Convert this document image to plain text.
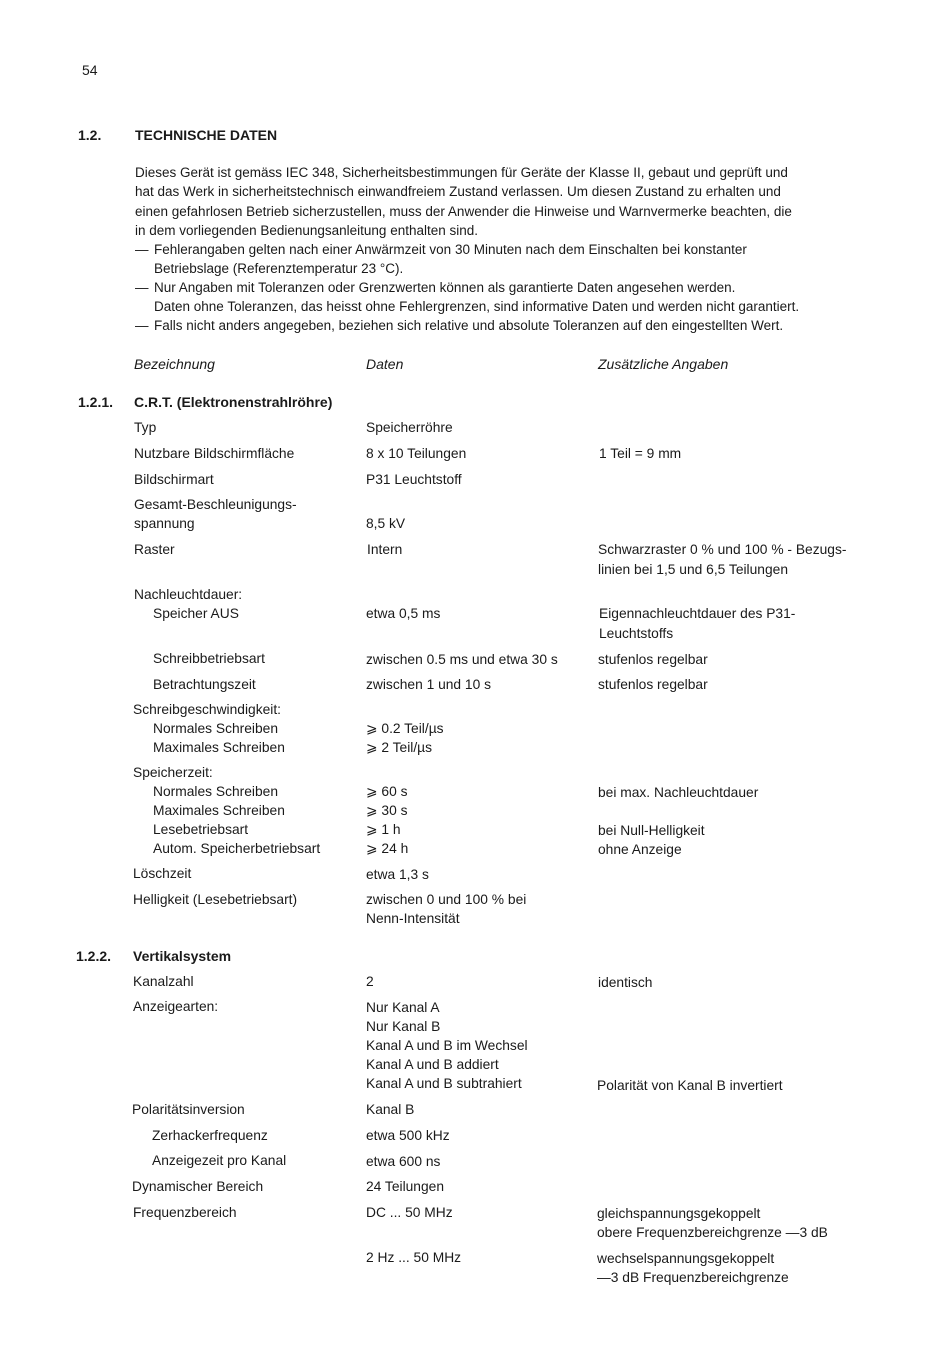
54
1.2. TECHNISCHE DATEN
Dieses Gerät ist gemäss IEC 348, Sicherheitsbestimmungen für Geräte der Klasse II, gebaut und geprüft und
hat das Werk in sicherheitstechnisch einwandfreiem Zustand verlassen. Um diesen Zustand zu erhalten und
einen gefahrlosen Betrieb sicherzustellen, muss der Anwender die Hinweise und Warnvermerke beachten, die
in dem vorliegenden Bedienungsanleitung enthalten sind.
— Fehlerangaben gelten nach einer Anwärmzeit von 30 Minuten nach dem Einschalten bei konstanter
Betriebslage (Referenztemperatur 23 °C).
— Nur Angaben mit Toleranzen oder Grenzwerten können als garantierte Daten angesehen werden.
Daten ohne Toleranzen, das heisst ohne Fehlergrenzen, sind informative Daten und werden nicht garantiert.
— Falls nicht anders angegeben, beziehen sich relative und absolute Toleranzen auf den eingestellten Wert.
Bezeichnung	Daten	Zusätzliche Angaben
1.2.1. C.R.T. (Elektronenstrahlröhre)
Typ	Speicherröhre
Nutzbare Bildschirmfläche	8 x 10 Teilungen	1 Teil = 9 mm
Bildschirmart	P31 Leuchtstoff
Gesamt-Beschleunigungs-
spannung	8,5 kV
Raster	Intern	Schwarzraster 0 % und 100 % - Bezugs-
linien bei 1,5 und 6,5 Teilungen
Nachleuchtdauer:
Speicher AUS	etwa 0,5 ms	Eigennachleuchtdauer des P31-
Leuchtstoffs
Schreibbetriebsart	zwischen 0.5 ms und etwa 30 s	stufenlos regelbar
Betrachtungszeit	zwischen 1 und 10 s	stufenlos regelbar
Schreibgeschwindigkeit:
Normales Schreiben	⩾ 0.2 Teil/µs
Maximales Schreiben	⩾ 2 Teil/µs
Speicherzeit:
Normales Schreiben	⩾ 60 s	bei max. Nachleuchtdauer
Maximales Schreiben	⩾ 30 s
Lesebetriebsart	⩾ 1 h	bei Null-Helligkeit
Autom. Speicherbetriebsart	⩾ 24 h	ohne Anzeige
Löschzeit	etwa 1,3 s
Helligkeit (Lesebetriebsart)	zwischen 0 und 100 % bei
Nenn-Intensität
1.2.2. Vertikalsystem
Kanalzahl	2	identisch
Anzeigearten:	Nur Kanal A
Nur Kanal B
Kanal A und B im Wechsel
Kanal A und B addiert
Kanal A und B subtrahiert	Polarität von Kanal B invertiert
Polaritätsinversion	Kanal B
Zerhackerfrequenz	etwa 500 kHz
Anzeigezeit pro Kanal	etwa 600 ns
Dynamischer Bereich	24 Teilungen
Frequenzbereich	DC ... 50 MHz	gleichspannungsgekoppelt
obere Frequenzbereichgrenze —3 dB
2 Hz ... 50 MHz	wechselspannungsgekoppelt
—3 dB Frequenzbereichgrenze
